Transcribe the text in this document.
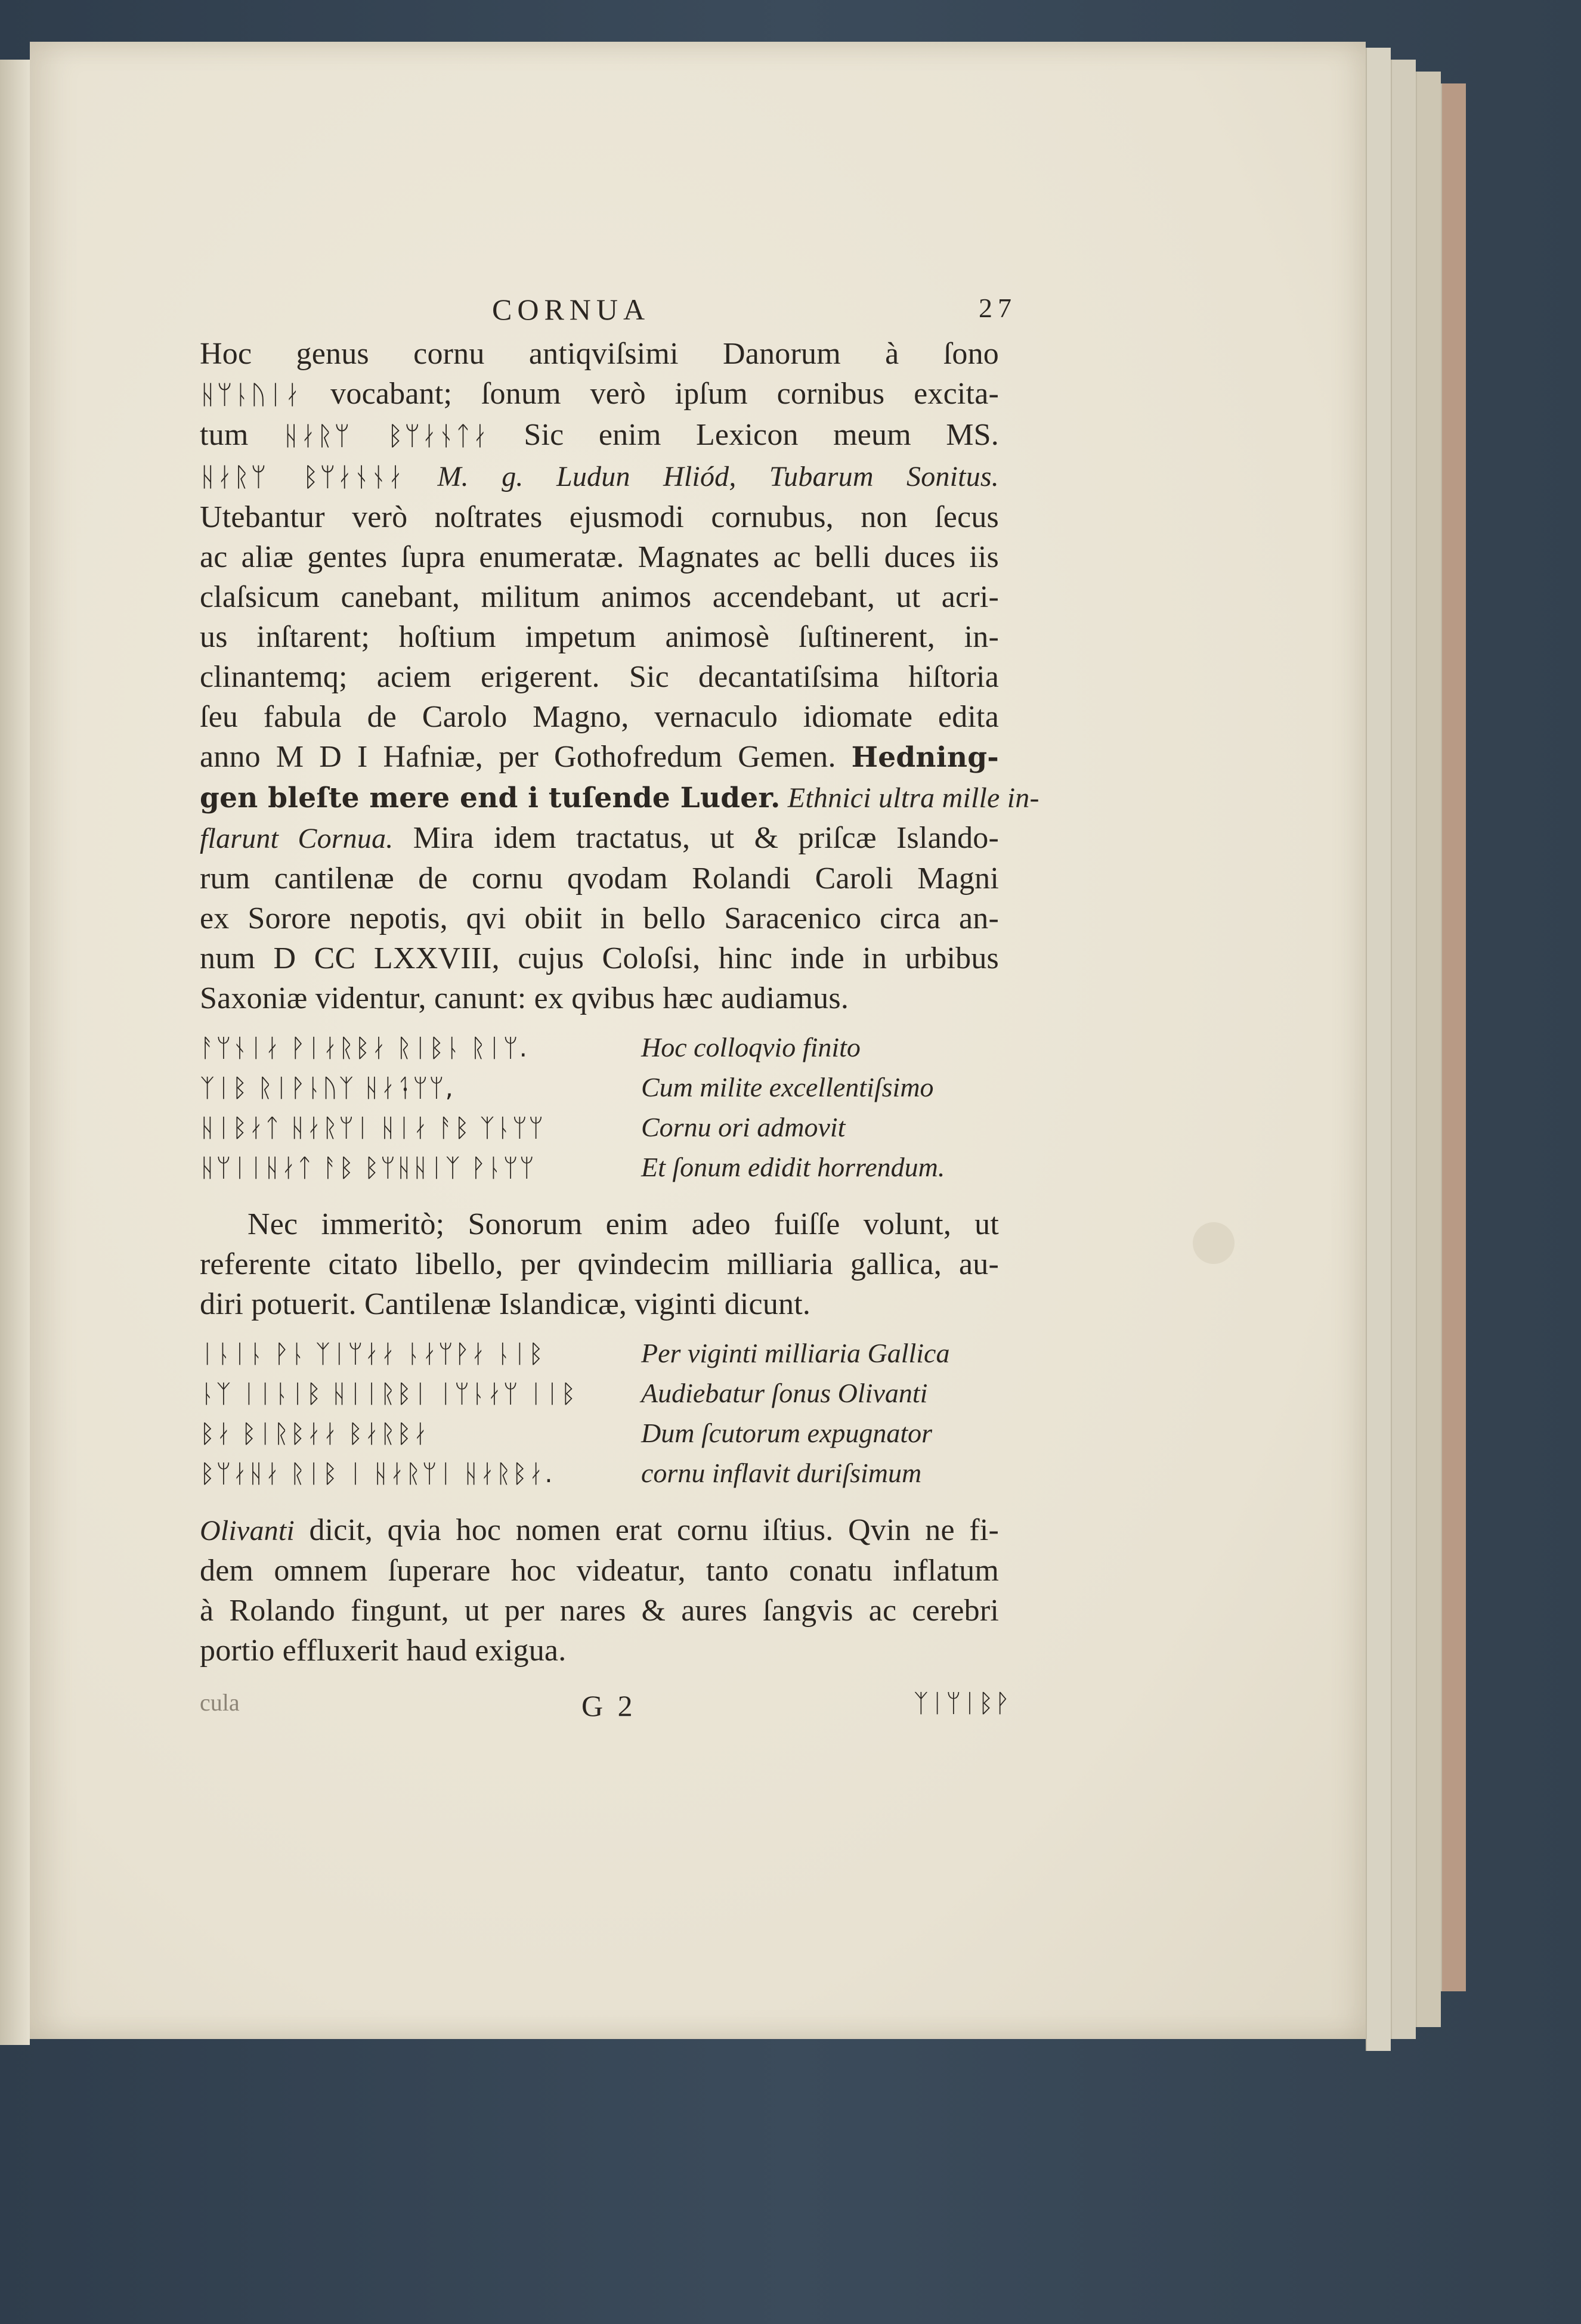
CORNUA	27
Hoc genus cornu antiqviſsimi Danorum à ſono
ᚺᛘᚿᚢᛁᛅ vocabant; ſonum verò ipſum cornibus excita-
tum ᚺᛅᚱᛘ ᛒᛘᛅᚾᛏᛅ Sic enim Lexicon meum MS.
ᚺᛅᚱᛘ ᛒᛘᛅᚾᚾᛅ M. g. Ludun Hliód, Tubarum Sonitus.
Utebantur verò noſtrates ejusmodi cornubus, non ſecus
ac aliæ gentes ſupra enumeratæ. Magnates ac belli duces iis
claſsicum canebant, militum animos accendebant, ut acri-
us inſtarent; hoſtium impetum animosè ſuſtinerent, in-
clinantemq; aciem erigerent. Sic decantatiſsima hiſtoria
ſeu fabula de Carolo Magno, vernaculo idiomate edita
anno M D I Hafniæ, per Gothofredum Gemen. Hedning-
gen bleſte mere end i tuſende Luder. Ethnici ultra mille in-
flarunt Cornua. Mira idem tractatus, ut & priſcæ Islando-
rum cantilenæ de cornu qvodam Rolandi Caroli Magni
ex Sorore nepotis, qvi obiit in bello Saracenico circa an-
num D CC LXXVIII, cujus Coloſsi, hinc inde in urbibus
Saxoniæ videntur, canunt: ex qvibus hæc audiamus.
ᚨᛘᚾᛁᛅ ᚹᛁᛅᚱᛒᛅ ᚱᛁᛒᚿ ᚱᛁᛘ.	Hoc colloqvio finito
ᛉᛁᛒ ᚱᛁᚹᚿᚢᛉ ᚺᛅᛑᛘᛘ,	Cum milite excellentiſsimo
ᚺᛁᛒᛅᛏ ᚺᛅᚱᛘᛁ ᚺᛁᛅ ᚨᛒ ᛉᚿᛘᛘ	Cornu ori admovit
ᚺᛘᛁᛁᚺᛅᛏ ᚨᛒ ᛒᛘᚺᚺᛁᛉ ᚹᚿᛘᛘ	Et ſonum edidit horrendum.
Nec immeritò; Sonorum enim adeo fuiſſe volunt, ut
referente citato libello, per qvindecim milliaria gallica, au-
diri potuerit. Cantilenæ Islandicæ, viginti dicunt.
ᛁᚿᛁᚿ ᚹᚿ ᛉᛁᛘᛅᛅ ᚿᛅᛘᚹᛅ ᚿᛁᛒ	Per viginti milliaria Gallica
ᚿᛉ ᛁᛁᚿᛁᛒ ᚺᛁᛁᚱᛒᛁ ᛁᛘᚿᛅᛘ ᛁᛁᛒ	Audiebatur ſonus Olivanti
ᛒᛅ ᛒᛁᚱᛒᛅᛅ ᛒᛅᚱᛒᛅ	Dum ſcutorum expugnator
ᛒᛘᛅᚺᛅ ᚱᛁᛒ ᛁ ᚺᛅᚱᛘᛁ ᚺᛅᚱᛒᛅ.	cornu inflavit duriſsimum
Olivanti dicit, qvia hoc nomen erat cornu iſtius. Qvin ne fi-
dem omnem ſuperare hoc videatur, tanto conatu inflatum
à Rolando fingunt, ut per nares & aures ſangvis ac cerebri
portio effluxerit haud exigua.
cula	G 2	ᛉᛁᛘᛁᛒᚹ
